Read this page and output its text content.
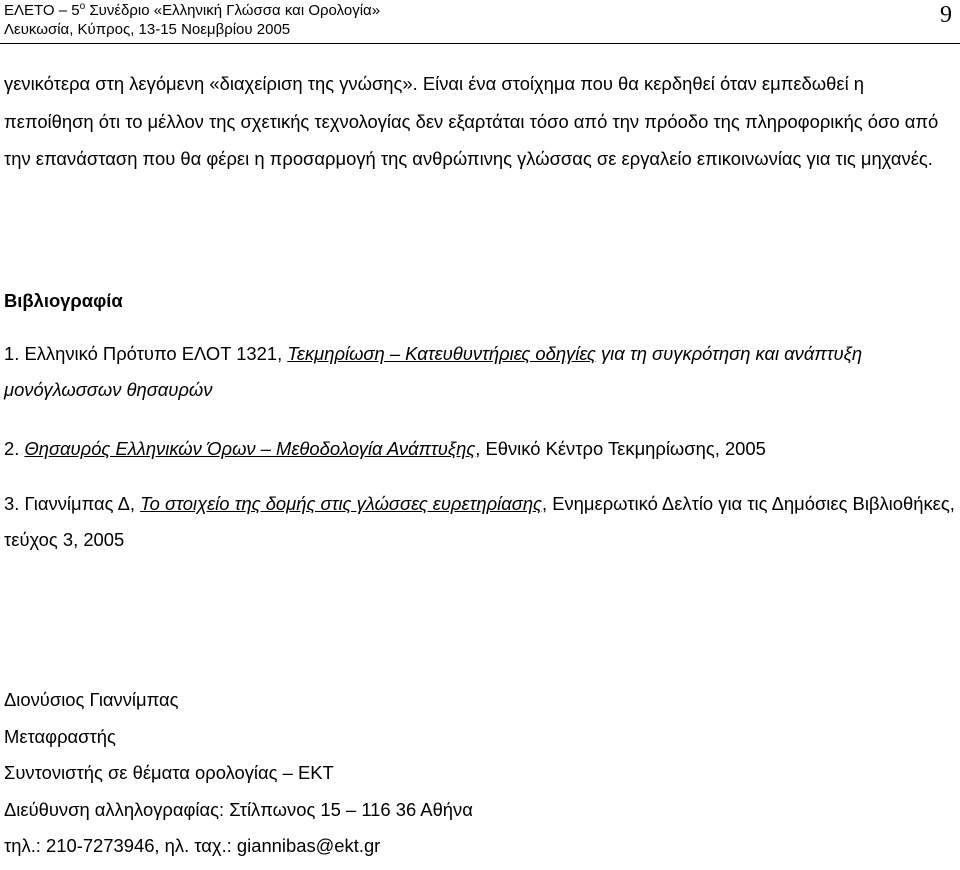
ΕΛΕΤΟ – $5^o$ Συνέδριο «Ελληνική Γλώσσα και Ορολογία»
Λευκωσία, Κύπρος, 13-15 Νοεμβρίου 2005
9
γενικότερα στη λεγόμενη «διαχείριση της γνώσης». Είναι ένα στοίχημα που θα κερδηθεί όταν εμπεδωθεί η πεποίθηση ότι το μέλλον της σχετικής τεχνολογίας δεν εξαρτάται τόσο από την πρόοδο της πληροφορικής όσο από την επανάσταση που θα φέρει η προσαρμογή της ανθρώπινης γλώσσας σε εργαλείο επικοινωνίας για τις μηχανές.
Βιβλιογραφία
1. Ελληνικό Πρότυπο ΕΛΟΤ 1321, Τεκμηρίωση – Κατευθυντήριες οδηγίες για τη συγκρότηση και ανάπτυξη μονόγλωσσων θησαυρών
2. Θησαυρός Ελληνικών Όρων – Μεθοδολογία Ανάπτυξης, Εθνικό Κέντρο Τεκμηρίωσης, 2005
3. Γιαννίμπας Δ, Το στοιχείο της δομής στις γλώσσες ευρετηρίασης, Ενημερωτικό Δελτίο για τις Δημόσιες Βιβλιοθήκες, τεύχος 3, 2005
Διονύσιος Γιαννίμπας
Μεταφραστής
Συντονιστής σε θέματα ορολογίας – ΕΚΤ
Διεύθυνση αλληλογραφίας: Στίλπωνος 15 – 116 36 Αθήνα
τηλ.: 210-7273946, ηλ. ταχ.: giannibas@ekt.gr
